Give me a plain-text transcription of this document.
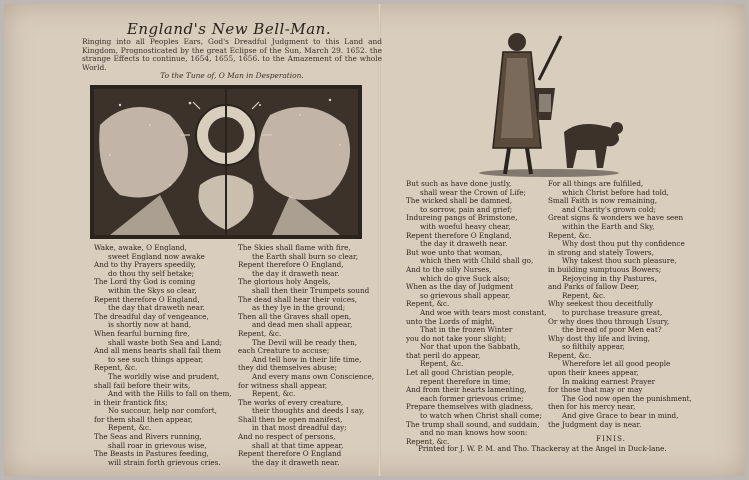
England's New Bell-Man.
Ringing into all Peoples Ears, God's Dreadful Judgment to this Land and Kingdom, Prognosticated by the great Eclipse of the Sun, March 29. 1652. the strange Effects to continue, 1654, 1655, 1656. to the Amazement of the whole World.
To the Tune of, O Man in Desperation.
Wake, awake, O England,
sweet England now awake
And to thy Prayers speedily,
do thou thy self betake;
The Lord thy God is coming
within the Skys so clear,
Repent therefore O England,
the day that draweth near.
The dreadful day of vengeance,
is shortly now at hand,
When fearful burning fire,
shall waste both Sea and Land;
And all mens hearts shall fail them
to see such things appear,
Repent, &c.
The worldly wise and prudent,
shall fail before their wits,
And with the Hills to fall on them,
in their frantick fits;
No succour, help nor comfort,
for them shall then appear,
Repent, &c.
The Seas and Rivers running,
shall roar in grievous wise,
The Beasts in Pastures feeding,
will strain forth grievous cries.
The Skies shall flame with fire,
the Earth shall burn so clear,
Repent therefore O England,
the day it draweth near.
The glorious holy Angels,
shall then their Trumpets sound
The dead shall hear their voices,
as they lye in the ground;
Then all the Graves shall open,
and dead men shall appear,
Repent, &c.
The Devil will be ready then,
each Creature to accuse;
And tell how in their life time,
they did themselves abuse;
And every mans own Conscience,
for witness shall appear,
Repent, &c.
The works of every creature,
their thoughts and deeds I say,
Shall then be open manifest,
in that most dreadful day;
And no respect of persons,
shall at that time appear,
Repent therefore O England
the day it draweth near.
But such as have done justly,
shall wear the Crown of Life;
The wicked shall be damned,
to sorrow, pain and grief;
Indureing pangs of Brimstone,
with woeful heavy chear,
Repent therefore O England,
the day it draweth near.
But woe unto that woman,
which then with Child shall go,
And to the silly Nurses,
which do give Suck also;
When as the day of Judgment
so grievous shall appear,
Repent, &c.
And woe with tears most constant,
unto the Lords of might,
That in the frozen Winter
you do not take your slight;
Nor that upon the Sabbath,
that peril do appear,
Repent, &c.
Let all good Christian people,
repent therefore in time;
And from their hearts lamenting,
each former grievous crime;
Prepare themselves with gladness,
to watch when Christ shall come;
The trump shall sound, and suddain,
and no man knows how soon:
Repent, &c.
For all things are fulfilled,
which Christ before had told,
Small Faith is now remaining,
and Charity's grown cold;
Great signs & wonders we have seen
within the Earth and Sky,
Repent, &c.
Why dost thou put thy confidence
in strong and stately Towers,
Why takest thou such pleasure,
in building sumptuous Bowers;
Rejoycing in thy Pastures,
and Parks of fallow Deer,
Repent, &c.
Why seekest thou deceitfully
to purchase treasure great,
Or why does thou through Usury,
the bread of poor Men eat?
Why dost thy life and living,
so filthily appear,
Repent, &c.
Wherefore let all good people
upon their knees appear,
In making earnest Prayer
for those that may or may
The God now open the punishment,
then for his mercy near,
And give Grace to bear in mind,
the Judgment day is near.
FINIS.
Printed for J. W. P. M. and Tho. Thackeray at the Angel in Duck-lane.
